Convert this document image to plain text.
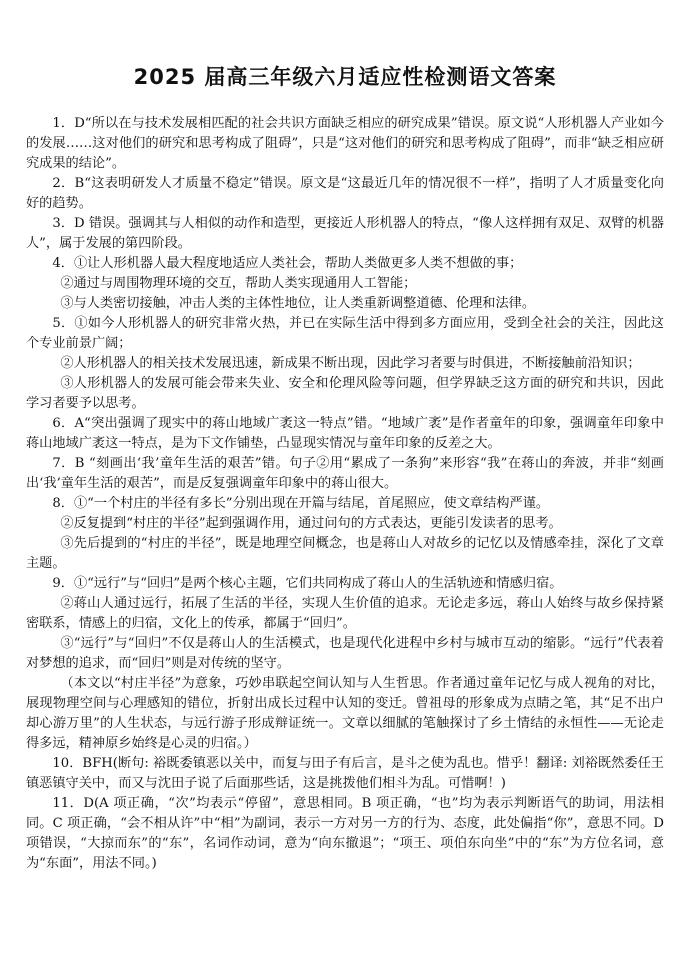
2025 届高三年级六月适应性检测语文答案

1．D“所以在与技术发展相匹配的社会共识方面缺乏相应的研究成果”错误。原文说“人形机器人产业如今的发展……这对他们的研究和思考构成了阻碍”，只是“这对他们的研究和思考构成了阻碍”，而非“缺乏相应研究成果的结论”。

2．B“这表明研发人才质量不稳定”错误。原文是“这最近几年的情况很不一样”，指明了人才质量变化向好的趋势。

3．D 错误。强调其与人相似的动作和造型，更接近人形机器人的特点，“像人这样拥有双足、双臂的机器人”，属于发展的第四阶段。

4．①让人形机器人最大程度地适应人类社会，帮助人类做更多人类不想做的事；

②通过与周围物理环境的交互，帮助人类实现通用人工智能；

③与人类密切接触，冲击人类的主体性地位，让人类重新调整道德、伦理和法律。

5．①如今人形机器人的研究非常火热，并已在实际生活中得到多方面应用，受到全社会的关注，因此这个专业前景广阔；

②人形机器人的相关技术发展迅速，新成果不断出现，因此学习者要与时俱进，不断接触前沿知识；

③人形机器人的发展可能会带来失业、安全和伦理风险等问题，但学界缺乏这方面的研究和共识，因此学习者要予以思考。

6．A“突出强调了现实中的蒋山地域广袤这一特点”错。“地域广袤”是作者童年的印象，强调童年印象中蒋山地域广袤这一特点，是为下文作铺垫，凸显现实情况与童年印象的反差之大。

7．B “刻画出‘我’童年生活的艰苦”错。句子②用“累成了一条狗”来形容“我”在蒋山的奔波，并非“刻画出‘我’童年生活的艰苦”，而是反复强调童年印象中的蒋山很大。

8．①“一个村庄的半径有多长”分别出现在开篇与结尾，首尾照应，使文章结构严谨。

②反复提到“村庄的半径”起到强调作用，通过问句的方式表达，更能引发读者的思考。

③先后提到的“村庄的半径”，既是地理空间概念，也是蒋山人对故乡的记忆以及情感牵挂，深化了文章主题。

9．①“远行”与“回归”是两个核心主题，它们共同构成了蒋山人的生活轨迹和情感归宿。

②蒋山人通过远行，拓展了生活的半径，实现人生价值的追求。无论走多远，蒋山人始终与故乡保持紧密联系，情感上的归宿，文化上的传承，都属于“回归”。

③“远行”与“回归”不仅是蒋山人的生活模式，也是现代化进程中乡村与城市互动的缩影。“远行”代表着对梦想的追求，而“回归”则是对传统的坚守。

（本文以“村庄半径”为意象，巧妙串联起空间认知与人生哲思。作者通过童年记忆与成人视角的对比，展现物理空间与心理感知的错位，折射出成长过程中认知的变迁。曾祖母的形象成为点睛之笔，其“足不出户却心游万里”的人生状态，与远行游子形成辩证统一。文章以细腻的笔触探讨了乡土情结的永恒性——无论走得多远，精神原乡始终是心灵的归宿。）

10．BFH(断句: 裕既委镇恶以关中，而复与田子有后言，是斗之使为乱也。惜乎！翻译: 刘裕既然委任王镇恶镇守关中，而又与沈田子说了后面那些话，这是挑拨他们相斗为乱。可惜啊！)

11．D(A 项正确，“次”均表示“停留”，意思相同。B 项正确，“也”均为表示判断语气的助词，用法相同。C 项正确，“会不相从许”中“相”为副词，表示一方对另一方的行为、态度，此处偏指“你”，意思不同。D 项错误，“大掠而东”的“东”，名词作动词，意为“向东撤退”；“项王、项伯东向坐”中的“东”为方位名词，意为“东面”，用法不同。)
